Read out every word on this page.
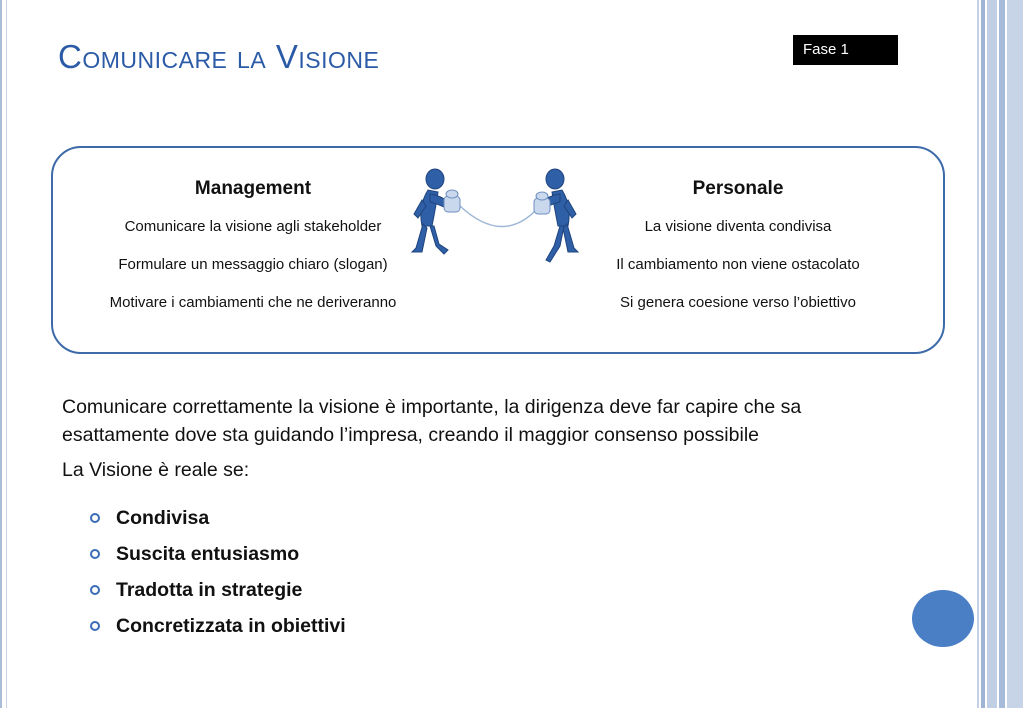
Comunicare la Visione	Fase 1
Management

Comunicare la visione agli stakeholder

Formulare un messaggio chiaro (slogan)

Motivare i cambiamenti che ne deriveranno

Personale

La visione diventa condivisa

Il cambiamento non viene ostacolato

Si genera coesione verso l’obiettivo

Comunicare correttamente la visione è importante, la dirigenza deve far capire che sa esattamente dove sta guidando l’impresa, creando il maggior consenso possibile

La Visione è reale se:

Condivisa
Suscita entusiasmo
Tradotta in strategie
Concretizzata in obiettivi
